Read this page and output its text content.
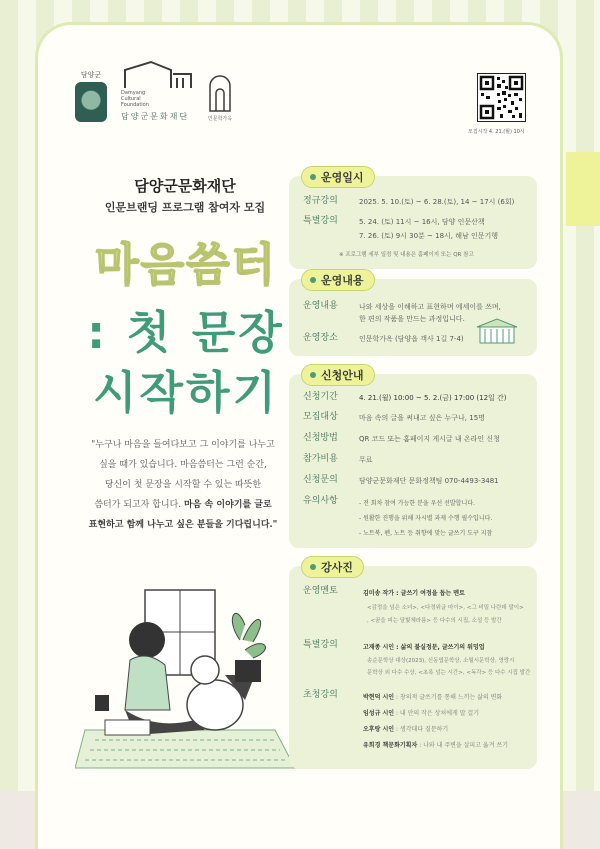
담양군
Damyang
Cultural
Foundation
담양군문화재단	인문학가옥
모집시작 4. 21.(월) 10시
담양군문화재단
인문브랜딩 프로그램 참여자 모집
마음씀터
: 첫 문장
시작하기
"누구나 마음을 들여다보고 그 이야기를 나누고
싶을 때가 있습니다. 마음씀터는 그런 순간,
당신이 첫 문장을 시작할 수 있는 따뜻한
씀터가 되고자 합니다. 마음 속 이야기를 글로
표현하고 함께 나누고 싶은 분들을 기다립니다."
운영일시
정규강의	2025. 5. 10.(토) ~ 6. 28.(토), 14 ~ 17시 (6회)
특별강의	5. 24. (토) 11시 ~ 16시, 담양 인문산책
7. 26. (토) 9시 30분 ~ 18시, 해남 인문기행
※ 프로그램 세부 일정 및 내용은 홈페이지 또는 QR 참고
운영내용
운영내용	나와 세상을 이해하고 표현하며 에세이를 쓰며,
한 편의 작품을 만드는 과정입니다.
운영장소	인문학가옥 (담양읍 객사 1길 7-4)
신청안내
신청기간	4. 21.(월) 10:00 ~ 5. 2.(금) 17:00 (12일 간)
모집대상	마음 속의 글을 써내고 싶은 누구나, 15명
신청방법	QR 코드 또는 홈페이지 게시글 내 온라인 신청
참가비용	무료
신청문의	담양군문화재단 문화정책팀 070-4493-3481
유의사항	- 전 회차 참여 가능한 분을 우선 선발합니다.
- 원활한 진행을 위해 자시별 과제 수행 필수입니다.
- 노트북, 펜, 노트 등 취향에 맞는 글쓰기 도구 지참
강사진
운영멘토	김미송 작가 : 글쓰기 여정을 돕는 멘토
<감정을 넘은 소녀>, <다정위글 마이>, <그 비밀 나란데 말이> , <꿈을 피는 달빛체라름> 등 다수의 시집, 소설 등 발간
특별강의	고재종 시인 : 삶의 불실정문, 글쓰기의 워밍업
송순문학상 대상(2023), 신동엽문학상, 소월시문학상, 영랑시
문학상 외 다수 수상, <초록 넘는 시간>, <독각> 등 다수 시집 발간
초청강의	박현덕 시인 : 창의적 글쓰기를 통해 느끼는 삶의 변화
임성규 시인 : 내 안의 작은 상처에게 말 걸기
오후랑 시인 : 생각대다 질문하기
유희경 책문화기획자 : 나와 내 주변을 살피고 옮겨 쓰기
